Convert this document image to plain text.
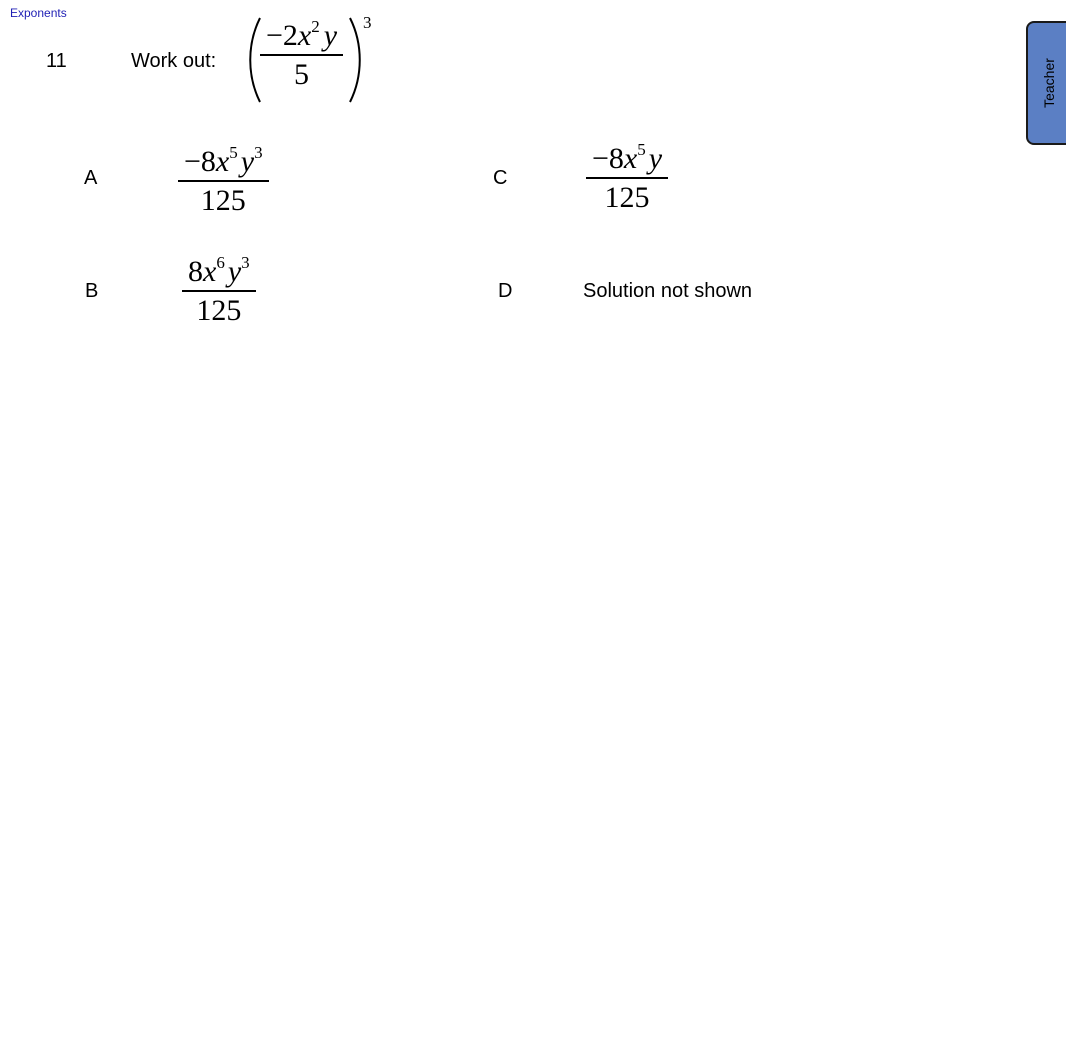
Exponents
Teacher
11	Work out:
$-2x^2$ y
5
3
A	$-8x^5$ $y^3$
125
C
$-8x^5$ y
125
B
$8x^6$ $y^3$
125
D	Solution not shown
